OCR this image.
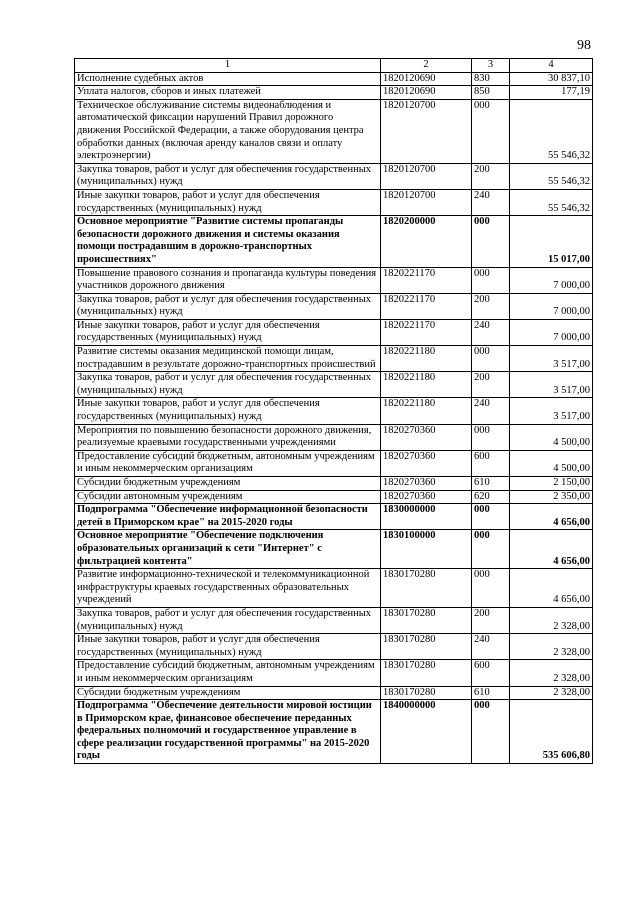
98
1	2	3	4
Исполнение судебных актов	1820120690	830	30 837,10
Уплата налогов, сборов и иных платежей	1820120690	850	177,19
Техническое обслуживание системы видеонаблюдения и автоматической фиксации нарушений Правил дорожного движения Российской Федерации, а также оборудования центра обработки данных (включая аренду каналов связи и оплату электроэнергии)	1820120700	000	55 546,32
Закупка товаров, работ и услуг для обеспечения государственных (муниципальных) нужд	1820120700	200	55 546,32
Иные закупки товаров, работ и услуг для обеспечения государственных (муниципальных) нужд	1820120700	240	55 546,32
Основное мероприятие "Развитие системы пропаганды безопасности дорожного движения и системы оказания помощи пострадавшим в дорожно-транспортных происшествиях"	1820200000	000	15 017,00
Повышение правового сознания и пропаганда культуры поведения участников дорожного движения	1820221170	000	7 000,00
Закупка товаров, работ и услуг для обеспечения государственных (муниципальных) нужд	1820221170	200	7 000,00
Иные закупки товаров, работ и услуг для обеспечения государственных (муниципальных) нужд	1820221170	240	7 000,00
Развитие системы оказания медицинской помощи лицам, пострадавшим в результате дорожно-транспортных происшествий	1820221180	000	3 517,00
Закупка товаров, работ и услуг для обеспечения государственных (муниципальных) нужд	1820221180	200	3 517,00
Иные закупки товаров, работ и услуг для обеспечения государственных (муниципальных) нужд	1820221180	240	3 517,00
Мероприятия по повышению безопасности дорожного движения, реализуемые краевыми государственными учреждениями	1820270360	000	4 500,00
Предоставление субсидий бюджетным, автономным учреждениям и иным некоммерческим организациям	1820270360	600	4 500,00
Субсидии бюджетным учреждениям	1820270360	610	2 150,00
Субсидии автономным учреждениям	1820270360	620	2 350,00
Подпрограмма "Обеспечение информационной безопасности детей в Приморском крае" на 2015-2020 годы	1830000000	000	4 656,00
Основное мероприятие "Обеспечение подключения образовательных организаций к сети "Интернет" с фильтрацией контента"	1830100000	000	4 656,00
Развитие информационно-технической и телекоммуникационной инфраструктуры краевых государственных образовательных учреждений	1830170280	000	4 656,00
Закупка товаров, работ и услуг для обеспечения государственных (муниципальных) нужд	1830170280	200	2 328,00
Иные закупки товаров, работ и услуг для обеспечения государственных (муниципальных) нужд	1830170280	240	2 328,00
Предоставление субсидий бюджетным, автономным учреждениям и иным некоммерческим организациям	1830170280	600	2 328,00
Субсидии бюджетным учреждениям	1830170280	610	2 328,00
Подпрограмма "Обеспечение деятельности мировой юстиции в Приморском крае, финансовое обеспечение переданных федеральных полномочий и государственное управление в сфере реализации государственной программы" на 2015-2020 годы	1840000000	000	535 606,80
